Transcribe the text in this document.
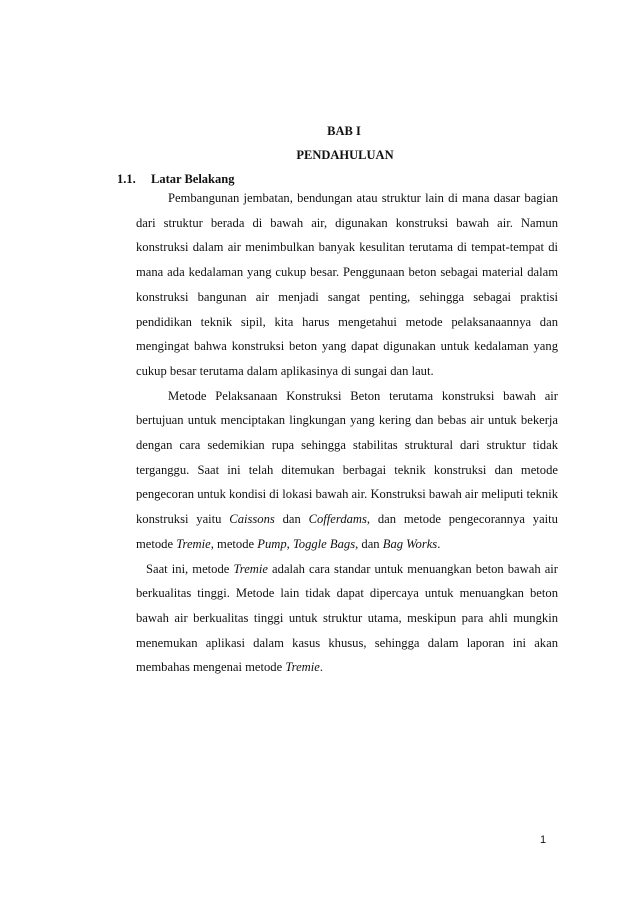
BAB I
PENDAHULUAN
1.1. Latar Belakang

Pembangunan jembatan, bendungan atau struktur lain di mana dasar bagian dari struktur berada di bawah air, digunakan konstruksi bawah air. Namun konstruksi dalam air menimbulkan banyak kesulitan terutama di tempat-tempat di mana ada kedalaman yang cukup besar. Penggunaan beton sebagai material dalam konstruksi bangunan air menjadi sangat penting, sehingga sebagai praktisi pendidikan teknik sipil, kita harus mengetahui metode pelaksanaannya dan mengingat bahwa konstruksi beton yang dapat digunakan untuk kedalaman yang cukup besar terutama dalam aplikasinya di sungai dan laut.

Metode Pelaksanaan Konstruksi Beton terutama konstruksi bawah air bertujuan untuk menciptakan lingkungan yang kering dan bebas air untuk bekerja dengan cara sedemikian rupa sehingga stabilitas struktural dari struktur tidak terganggu. Saat ini telah ditemukan berbagai teknik konstruksi dan metode pengecoran untuk kondisi di lokasi bawah air. Konstruksi bawah air meliputi teknik konstruksi yaitu Caissons dan Cofferdams, dan metode pengecorannya yaitu metode Tremie, metode Pump, Toggle Bags, dan Bag Works.

Saat ini, metode Tremie adalah cara standar untuk menuangkan beton bawah air berkualitas tinggi. Metode lain tidak dapat dipercaya untuk menuangkan beton bawah air berkualitas tinggi untuk struktur utama, meskipun para ahli mungkin menemukan aplikasi dalam kasus khusus, sehingga dalam laporan ini akan membahas mengenai metode Tremie.

1
